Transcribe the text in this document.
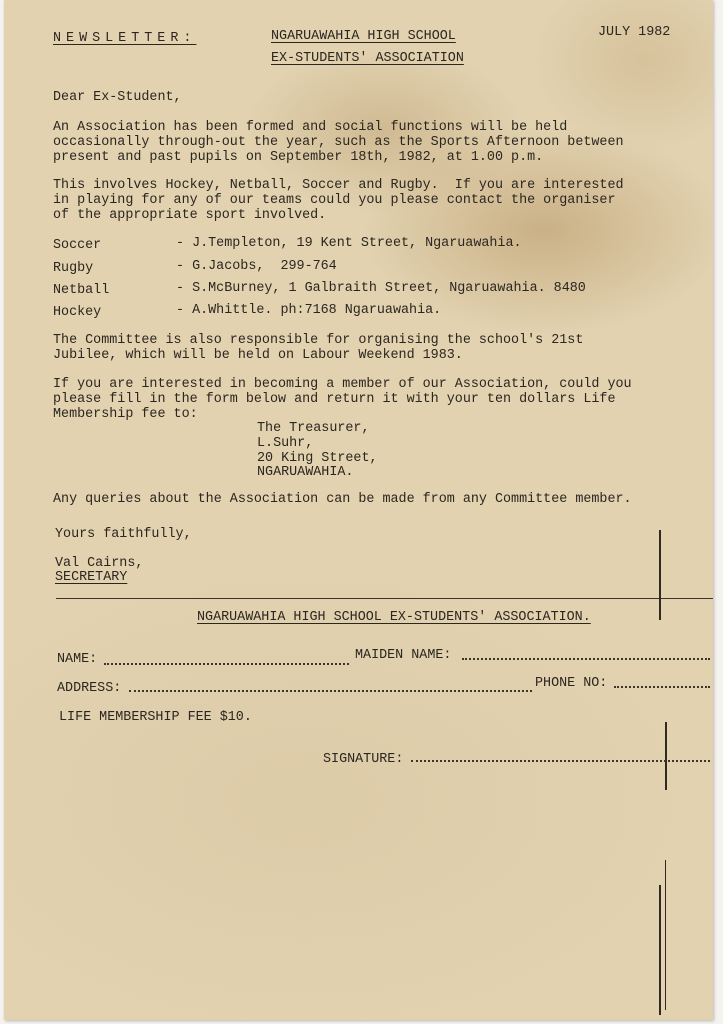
NEWSLETTER:	NGARUAWAHIA HIGH SCHOOL
EX-STUDENTS' ASSOCIATION
JULY 1982
Dear Ex-Student,
An Association has been formed and social functions will be held
occasionally through-out the year, such as the Sports Afternoon between
present and past pupils on September 18th, 1982, at 1.00 p.m.
This involves Hockey, Netball, Soccer and Rugby.  If you are interested
in playing for any of our teams could you please contact the organiser
of the appropriate sport involved.
Soccer	- J.Templeton, 19 Kent Street, Ngaruawahia.
Rugby	- G.Jacobs,  299-764
Netball	- S.McBurney, 1 Galbraith Street, Ngaruawahia. 8480
Hockey	- A.Whittle. ph:7168 Ngaruawahia.
The Committee is also responsible for organising the school's 21st
Jubilee, which will be held on Labour Weekend 1983.
If you are interested in becoming a member of our Association, could you
please fill in the form below and return it with your ten dollars Life
Membership fee to:
The Treasurer,
L.Suhr,
20 King Street,
NGARUAWAHIA.
Any queries about the Association can be made from any Committee member.
Yours faithfully,
Val Cairns,
SECRETARY
NGARUAWAHIA HIGH SCHOOL EX-STUDENTS' ASSOCIATION.
NAME:	MAIDEN NAME:
ADDRESS:	PHONE NO:
LIFE MEMBERSHIP FEE $10.
SIGNATURE:
